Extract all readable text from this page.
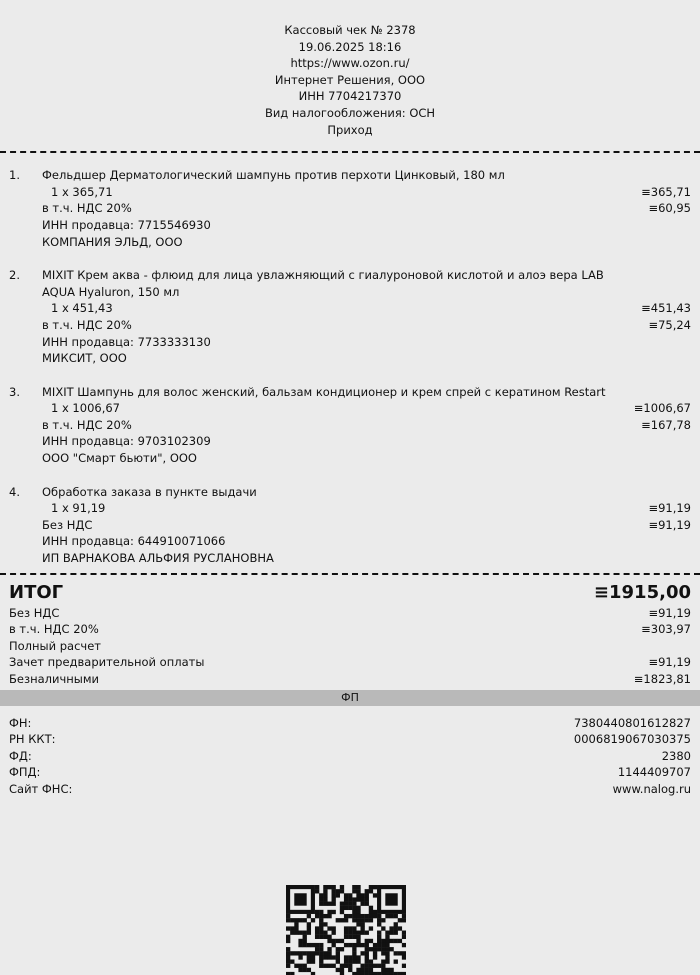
Кассовый чек № 2378
19.06.2025 18:16
https://www.ozon.ru/
Интернет Решения, ООО
ИНН 7704217370
Вид налогообложения: ОСН
Приход
1. Фельдшер Дерматологический шампунь против перхоти Цинковый, 180 мл
1 x 365,71	≡365,71
в т.ч. НДС 20%	≡60,95
ИНН продавца: 7715546930
КОМПАНИЯ ЭЛЬД, ООО
2. MIXIT Крем аква - флюид для лица увлажняющий с гиалуроновой кислотой и алоэ вера LAB AQUA Hyaluron, 150 мл
1 x 451,43	≡451,43
в т.ч. НДС 20%	≡75,24
ИНН продавца: 7733333130
МИКСИТ, ООО
3. MIXIT Шампунь для волос женский, бальзам кондиционер и крем спрей с кератином Restart
1 x 1006,67	≡1006,67
в т.ч. НДС 20%	≡167,78
ИНН продавца: 9703102309
ООО "Смарт бьюти", ООО
4. Обработка заказа в пункте выдачи
1 x 91,19	≡91,19
Без НДС	≡91,19
ИНН продавца: 644910071066
ИП ВАРНАКОВА АЛЬФИЯ РУСЛАНОВНА
ИТОГ	≡1915,00
Без НДС	≡91,19
в т.ч. НДС 20%	≡303,97
Полный расчет
Зачет предварительной оплаты	≡91,19
Безналичными	≡1823,81
ФП
ФН:	7380440801612827
РН ККТ:	0006819067030375
ФД:	2380
ФПД:	1144409707
Сайт ФНС:	www.nalog.ru
